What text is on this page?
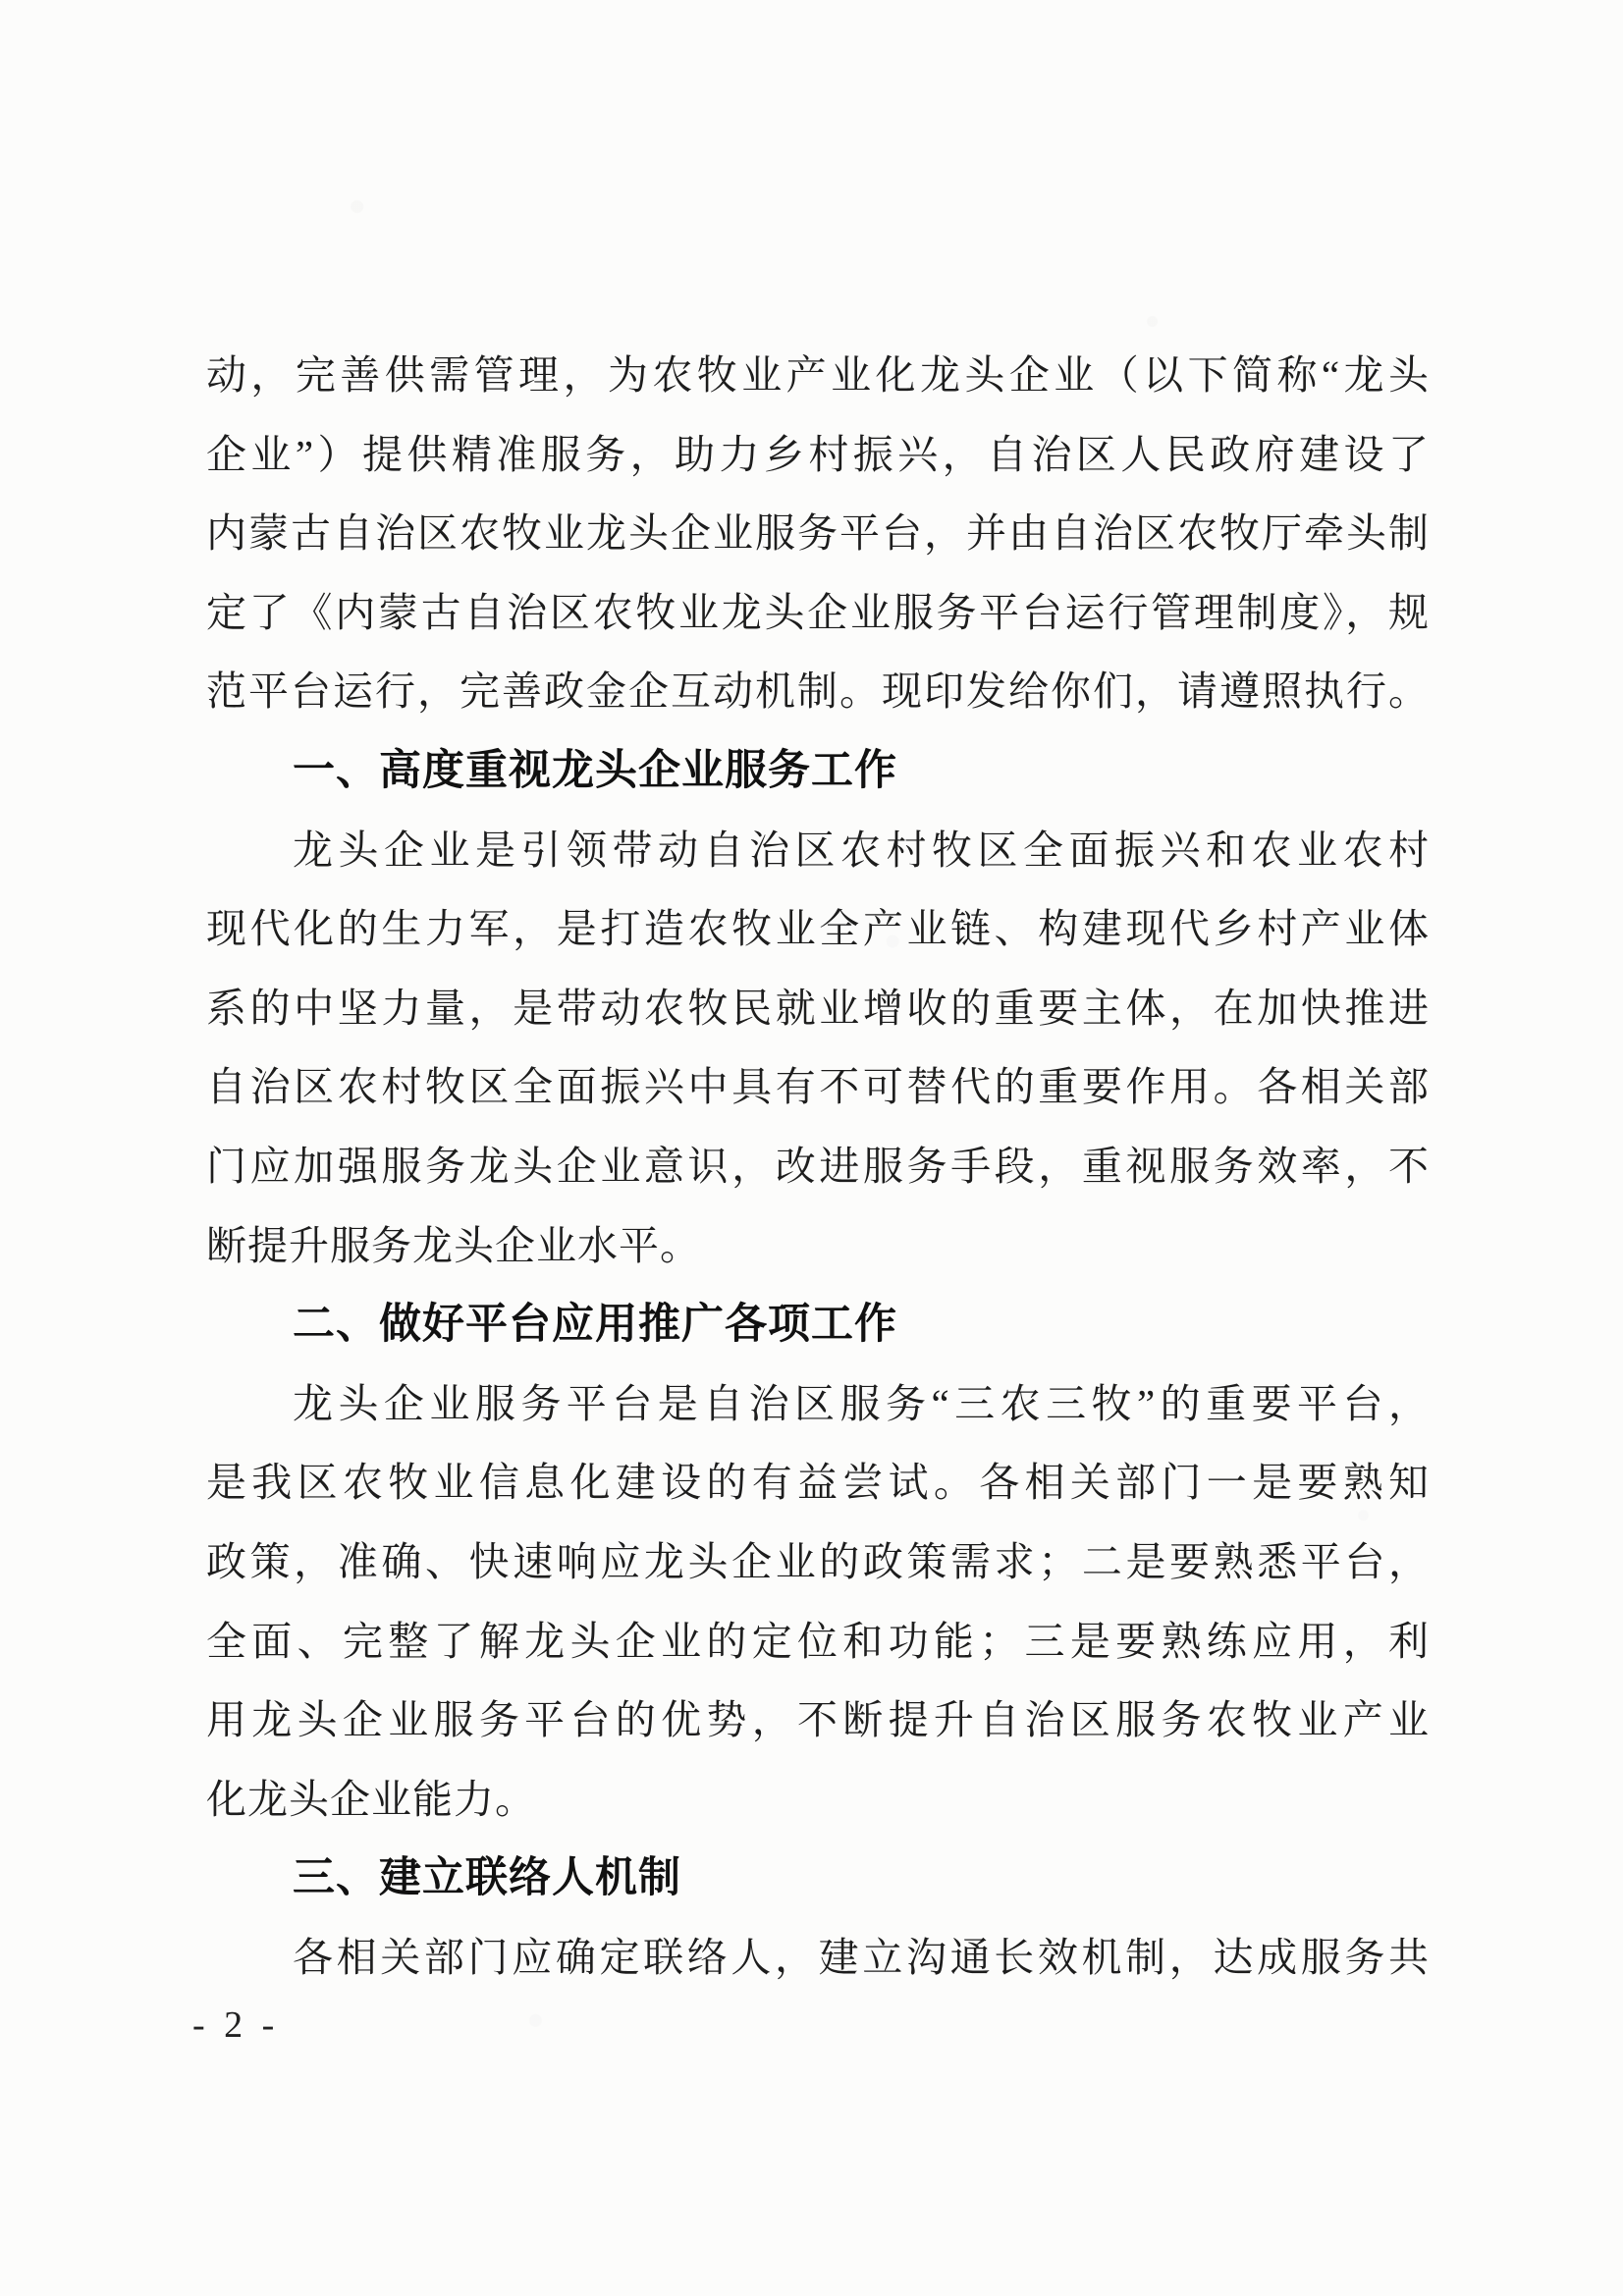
动，完善供需管理，为农牧业产业化龙头企业（以下简称“龙头
企业”）提供精准服务，助力乡村振兴，自治区人民政府建设了
内蒙古自治区农牧业龙头企业服务平台，并由自治区农牧厅牵头制
定了《内蒙古自治区农牧业龙头企业服务平台运行管理制度》，规
范平台运行，完善政金企互动机制。现印发给你们，请遵照执行。
一、高度重视龙头企业服务工作
龙头企业是引领带动自治区农村牧区全面振兴和农业农村
现代化的生力军，是打造农牧业全产业链、构建现代乡村产业体
系的中坚力量，是带动农牧民就业增收的重要主体，在加快推进
自治区农村牧区全面振兴中具有不可替代的重要作用。各相关部
门应加强服务龙头企业意识，改进服务手段，重视服务效率，不
断提升服务龙头企业水平。
二、做好平台应用推广各项工作
龙头企业服务平台是自治区服务“三农三牧”的重要平台，
是我区农牧业信息化建设的有益尝试。各相关部门一是要熟知
政策，准确、快速响应龙头企业的政策需求；二是要熟悉平台，
全面、完整了解龙头企业的定位和功能；三是要熟练应用，利
用龙头企业服务平台的优势，不断提升自治区服务农牧业产业
化龙头企业能力。
三、建立联络人机制
各相关部门应确定联络人，建立沟通长效机制，达成服务共
- 2 -
